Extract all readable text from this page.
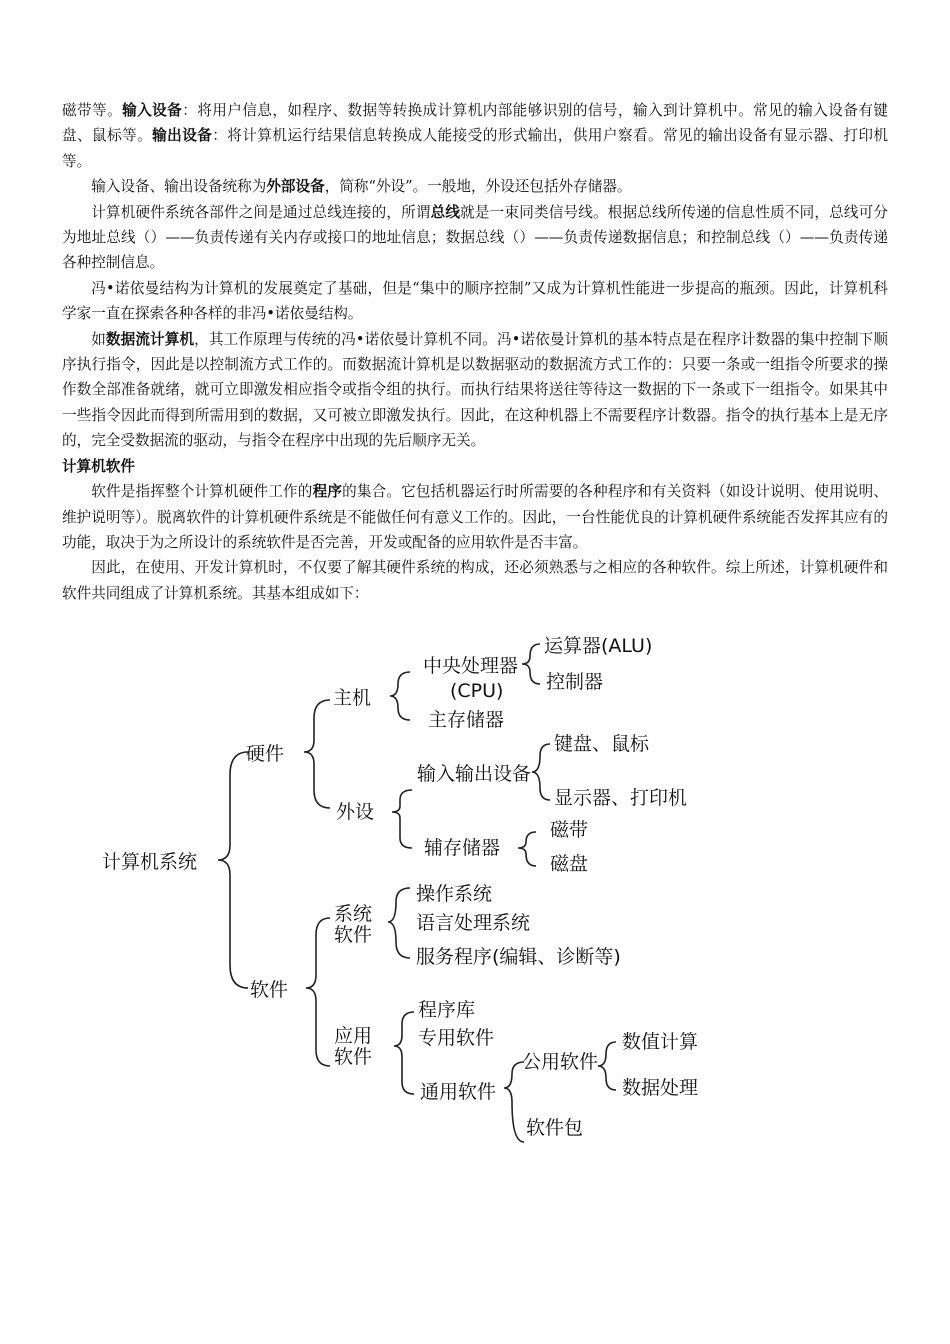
磁带等。输入设备：将用户信息，如程序、数据等转换成计算机内部能够识别的信号，输入到计算机中。常见的输入设备有键盘、鼠标等。输出设备：将计算机运行结果信息转换成人能接受的形式输出，供用户察看。常见的输出设备有显示器、打印机等。

输入设备、输出设备统称为外部设备，简称“外设”。一般地，外设还包括外存储器。

计算机硬件系统各部件之间是通过总线连接的，所谓总线就是一束同类信号线。根据总线所传递的信息性质不同，总线可分为地址总线（）——负责传递有关内存或接口的地址信息；数据总线（）——负责传递数据信息；和控制总线（）——负责传递各种控制信息。

冯•诺依曼结构为计算机的发展奠定了基础，但是“集中的顺序控制”又成为计算机性能进一步提高的瓶颈。因此，计算机科学家一直在探索各种各样的非冯•诺依曼结构。

如数据流计算机，其工作原理与传统的冯•诺依曼计算机不同。冯•诺依曼计算机的基本特点是在程序计数器的集中控制下顺序执行指令，因此是以控制流方式工作的。而数据流计算机是以数据驱动的数据流方式工作的：只要一条或一组指令所要求的操作数全部准备就绪，就可立即激发相应指令或指令组的执行。而执行结果将送往等待这一数据的下一条或下一组指令。如果其中一些指令因此而得到所需用到的数据，又可被立即激发执行。因此，在这种机器上不需要程序计数器。指令的执行基本上是无序的，完全受数据流的驱动，与指令在程序中出现的先后顺序无关。

计算机软件

软件是指挥整个计算机硬件工作的程序的集合。它包括机器运行时所需要的各种程序和有关资料（如设计说明、使用说明、维护说明等）。脱离软件的计算机硬件系统是不能做任何有意义工作的。因此，一台性能优良的计算机硬件系统能否发挥其应有的功能，取决于为之所设计的系统软件是否完善，开发或配备的应用软件是否丰富。

因此，在使用、开发计算机时，不仅要了解其硬件系统的构成，还必须熟悉与之相应的各种软件。综上所述，计算机硬件和软件共同组成了计算机系统。其基本组成如下：

计算机系统
硬件
主机
中央处理器
(CPU)
运算器(ALU)
控制器
主存储器
外设
输入输出设备
键盘、鼠标
显示器、打印机
辅存储器
磁带
磁盘
软件
系统
软件
操作系统
语言处理系统
服务程序(编辑、诊断等)
应用
软件
程序库
专用软件
通用软件
公用软件
数值计算
数据处理
软件包
